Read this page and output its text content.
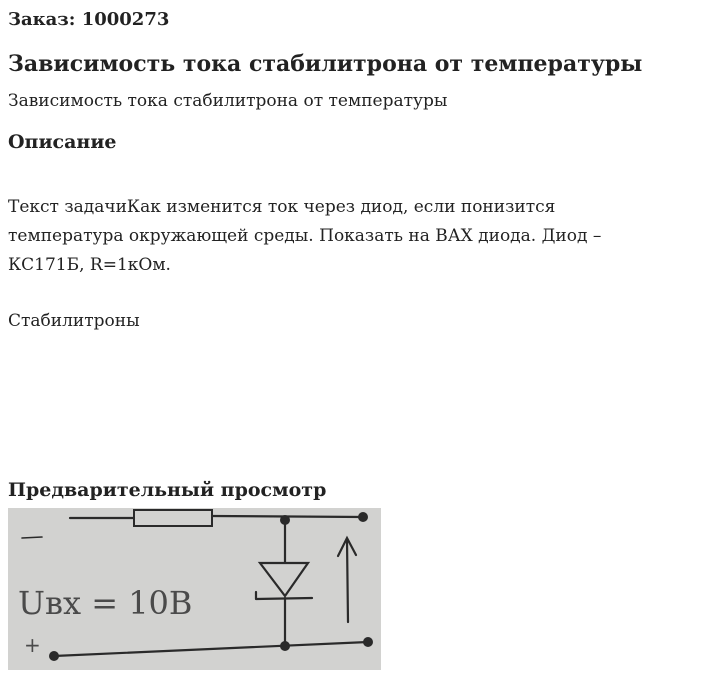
Заказ: 1000273
Зависимость тока стабилитрона от температуры
Зависимость тока стабилитрона от температуры
Описание
Текст задачиКак изменится ток через диод, если понизится температура окружающей среды. Показать на ВАХ диода. Диод – КС171Б, R=1кОм.
Стабилитроны
Предварительный просмотр
Uвх = 10В
+
